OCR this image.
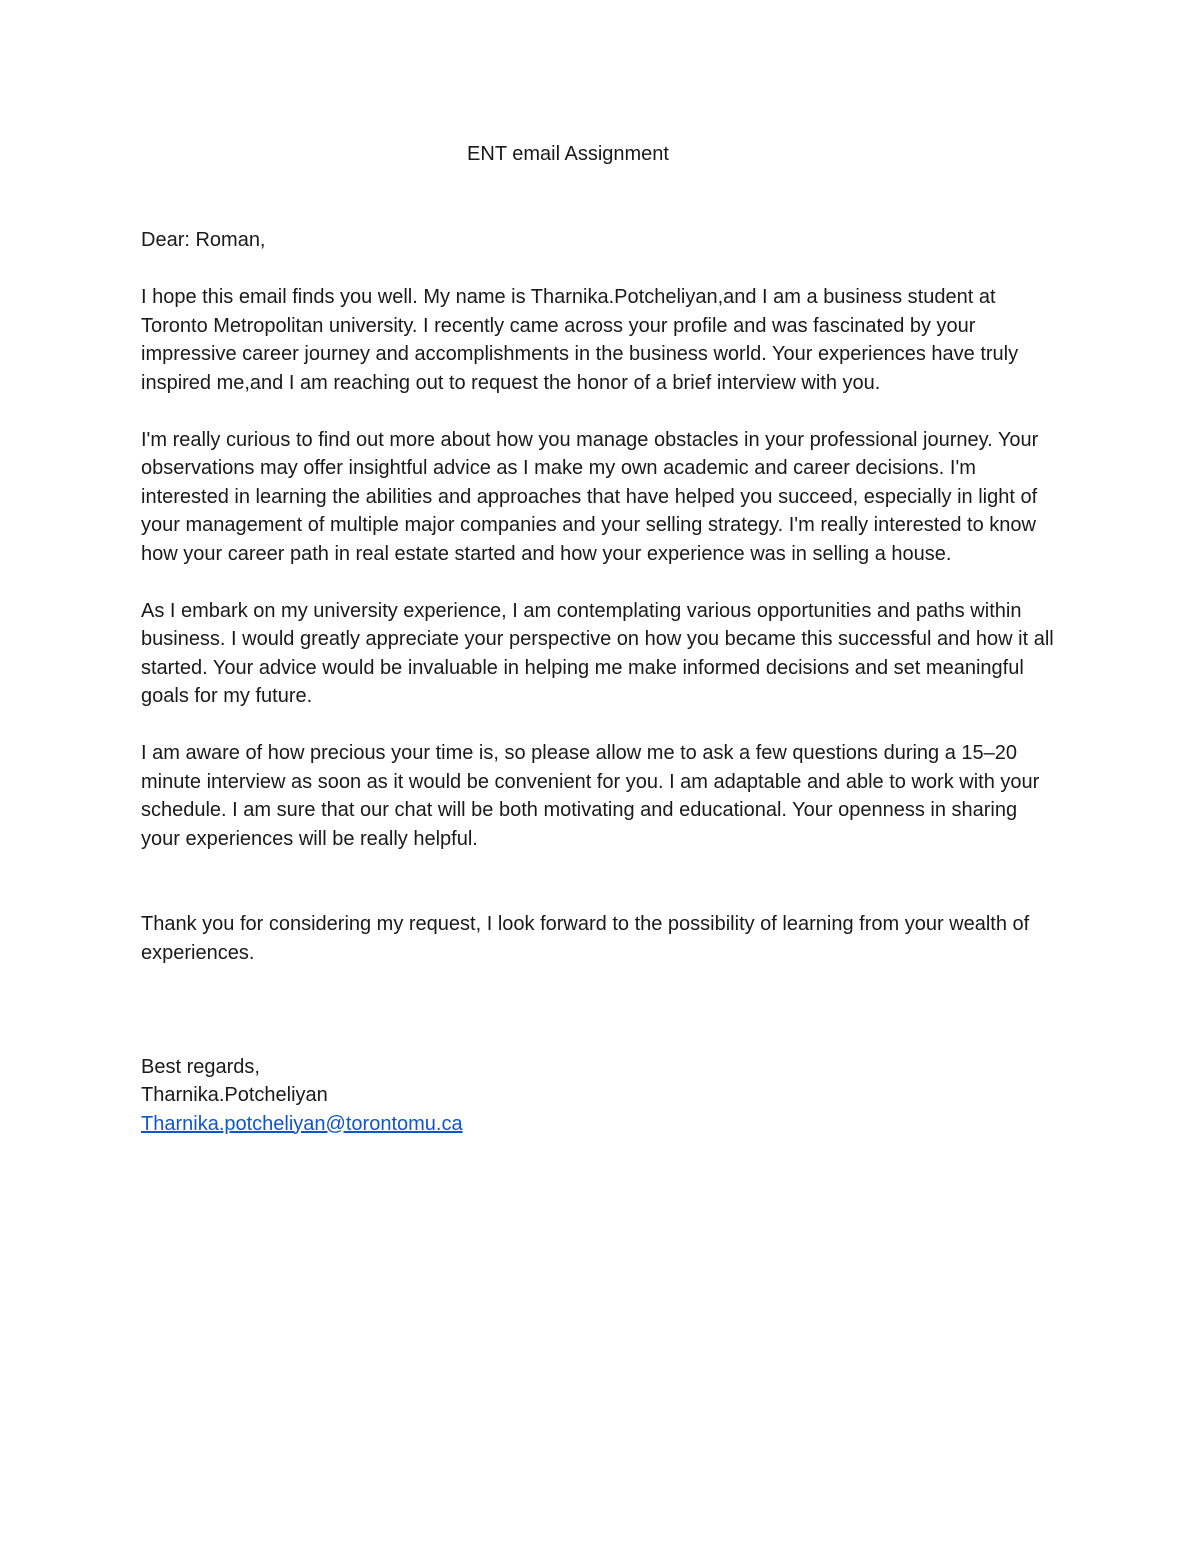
ENT email Assignment

Dear: Roman,

I hope this email finds you well. My name is Tharnika.Potcheliyan,and I am a business student at Toronto Metropolitan university. I recently came across your profile and was fascinated by your impressive career journey and accomplishments in the business world. Your experiences have truly inspired me,and I am reaching out to request the honor of a brief interview with you.

I'm really curious to find out more about how you manage obstacles in your professional journey. Your observations may offer insightful advice as I make my own academic and career decisions. I'm interested in learning the abilities and approaches that have helped you succeed, especially in light of your management of multiple major companies and your selling strategy. I'm really interested to know how your career path in real estate started and how your experience was in selling a house.

As I embark on my university experience, I am contemplating various opportunities and paths within business. I would greatly appreciate your perspective on how you became this successful and how it all started. Your advice would be invaluable in helping me make informed decisions and set meaningful goals for my future.

I am aware of how precious your time is, so please allow me to ask a few questions during a 15–20 minute interview as soon as it would be convenient for you. I am adaptable and able to work with your schedule. I am sure that our chat will be both motivating and educational. Your openness in sharing your experiences will be really helpful.

Thank you for considering my request, I look forward to the possibility of learning from your wealth of experiences.

Best regards,

Tharnika.Potcheliyan

Tharnika.potcheliyan@torontomu.ca
